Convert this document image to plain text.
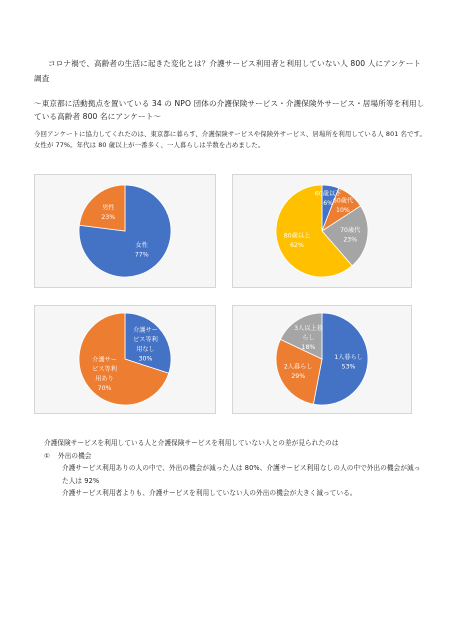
コロナ禍で、高齢者の生活に起きた変化とは？介護サービス利用者と利用していない人 800 人にアンケート調査
～東京都に活動拠点を置いている 34 の NPO 団体の介護保険サービス・介護保険外サービス・居場所等を利用している高齢者 800 名にアンケート～
今回アンケートに協力してくれたのは、東京都に暮らす、介護保険サービスや保険外サービス、居場所を利用している人 801 名です。女性が 77%。年代は 80 歳以上が一番多く、一人暮らしは半数を占めました。
女性 77%
男性 23%
60歳以下 6% 60歳代 10%
70歳代 23%
80歳以上 62%
介護サービス等利用なし 30%
介護サービス等利用あり 70%
1人暮らし 53%
2人暮らし 29%
3人以上暮らし 18%
介護保険サービスを利用している人と介護保険サービスを利用していない人との差が見られたのは
① 外出の機会
介護サービス利用ありの人の中で、外出の機会が減った人は 80%、介護サービス利用なしの人の中で外出の機会が減った人は 92%
介護サービス利用者よりも、介護サービスを利用していない人の外出の機会が大きく減っている。
